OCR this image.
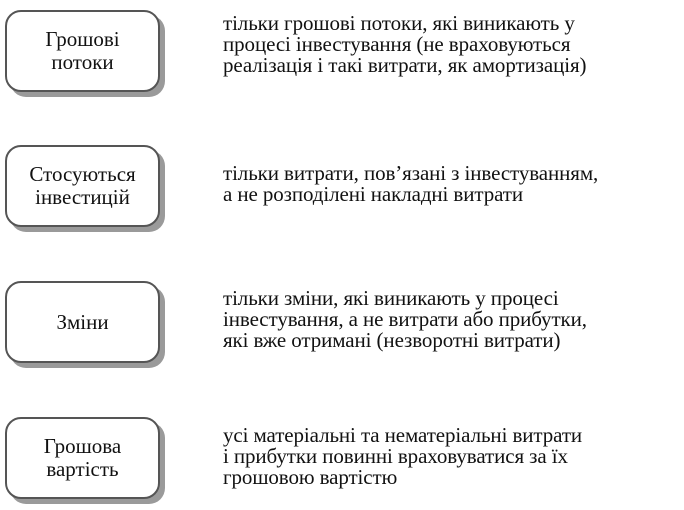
Грошові
потоки
тільки грошові потоки, які виникають у
процесі інвестування (не враховуються
реалізація і такі витрати, як амортизація)
Стосуються
інвестицій
тільки витрати, пов’язані з інвестуванням,
а не розподілені накладні витрати
Зміни
тільки зміни, які виникають у процесі
інвестування, а не витрати або прибутки,
які вже отримані (незворотні витрати)
Грошова
вартість
усі матеріальні та нематеріальні витрати
і прибутки повинні враховуватися за їх
грошовою вартістю
